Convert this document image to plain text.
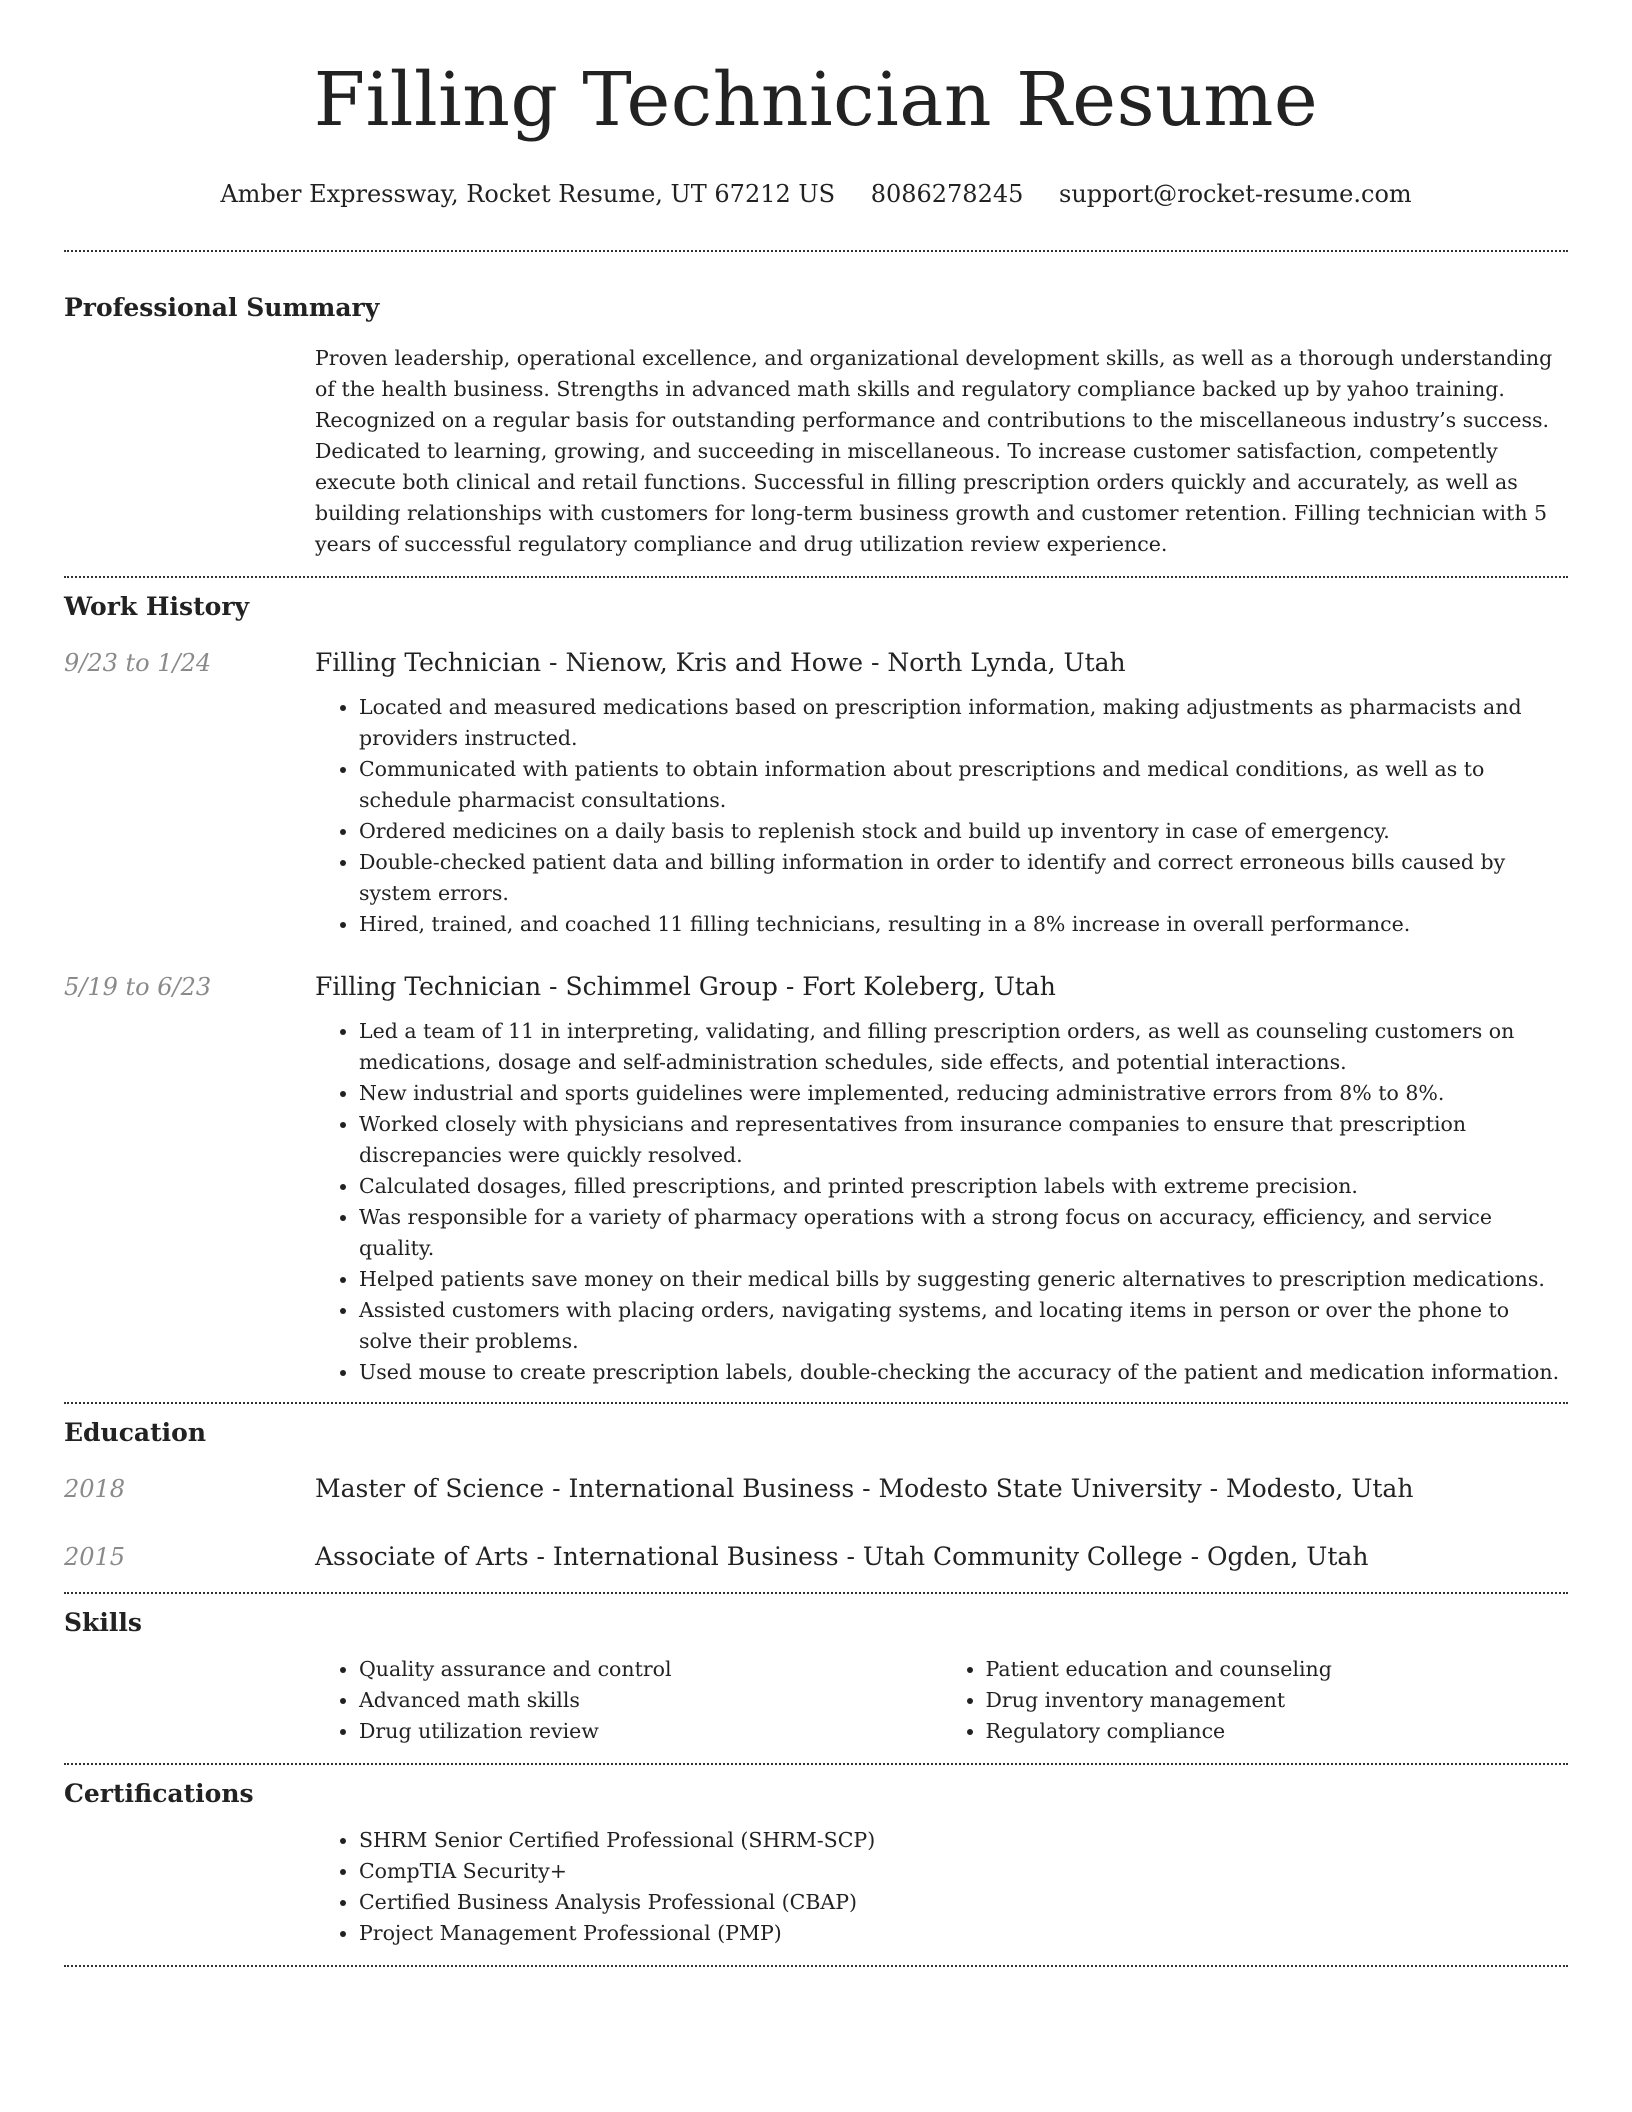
Filling Technician Resume
Amber Expressway, Rocket Resume, UT 67212 US 8086278245 support@rocket-resume.com
Professional Summary
Proven leadership, operational excellence, and organizational development skills, as well as a thorough understanding of the health business. Strengths in advanced math skills and regulatory compliance backed up by yahoo training. Recognized on a regular basis for outstanding performance and contributions to the miscellaneous industry’s success. Dedicated to learning, growing, and succeeding in miscellaneous. To increase customer satisfaction, competently execute both clinical and retail functions. Successful in filling prescription orders quickly and accurately, as well as building relationships with customers for long-term business growth and customer retention. Filling technician with 5 years of successful regulatory compliance and drug utilization review experience.
Work History
9/23 to 1/24	Filling Technician - Nienow, Kris and Howe - North Lynda, Utah
• Located and measured medications based on prescription information, making adjustments as pharmacists and providers instructed.
• Communicated with patients to obtain information about prescriptions and medical conditions, as well as to schedule pharmacist consultations.
• Ordered medicines on a daily basis to replenish stock and build up inventory in case of emergency.
• Double-checked patient data and billing information in order to identify and correct erroneous bills caused by system errors.
• Hired, trained, and coached 11 filling technicians, resulting in a 8% increase in overall performance.
5/19 to 6/23	Filling Technician - Schimmel Group - Fort Koleberg, Utah
• Led a team of 11 in interpreting, validating, and filling prescription orders, as well as counseling customers on medications, dosage and self-administration schedules, side effects, and potential interactions.
• New industrial and sports guidelines were implemented, reducing administrative errors from 8% to 8%.
• Worked closely with physicians and representatives from insurance companies to ensure that prescription discrepancies were quickly resolved.
• Calculated dosages, filled prescriptions, and printed prescription labels with extreme precision.
• Was responsible for a variety of pharmacy operations with a strong focus on accuracy, efficiency, and service quality.
• Helped patients save money on their medical bills by suggesting generic alternatives to prescription medications.
• Assisted customers with placing orders, navigating systems, and locating items in person or over the phone to solve their problems.
• Used mouse to create prescription labels, double-checking the accuracy of the patient and medication information.
Education
2018	Master of Science - International Business - Modesto State University - Modesto, Utah
2015	Associate of Arts - International Business - Utah Community College - Ogden, Utah
Skills
• Quality assurance and control
• Advanced math skills
• Drug utilization review
• Patient education and counseling
• Drug inventory management
• Regulatory compliance
Certifications
• SHRM Senior Certified Professional (SHRM-SCP)
• CompTIA Security+
• Certified Business Analysis Professional (CBAP)
• Project Management Professional (PMP)
